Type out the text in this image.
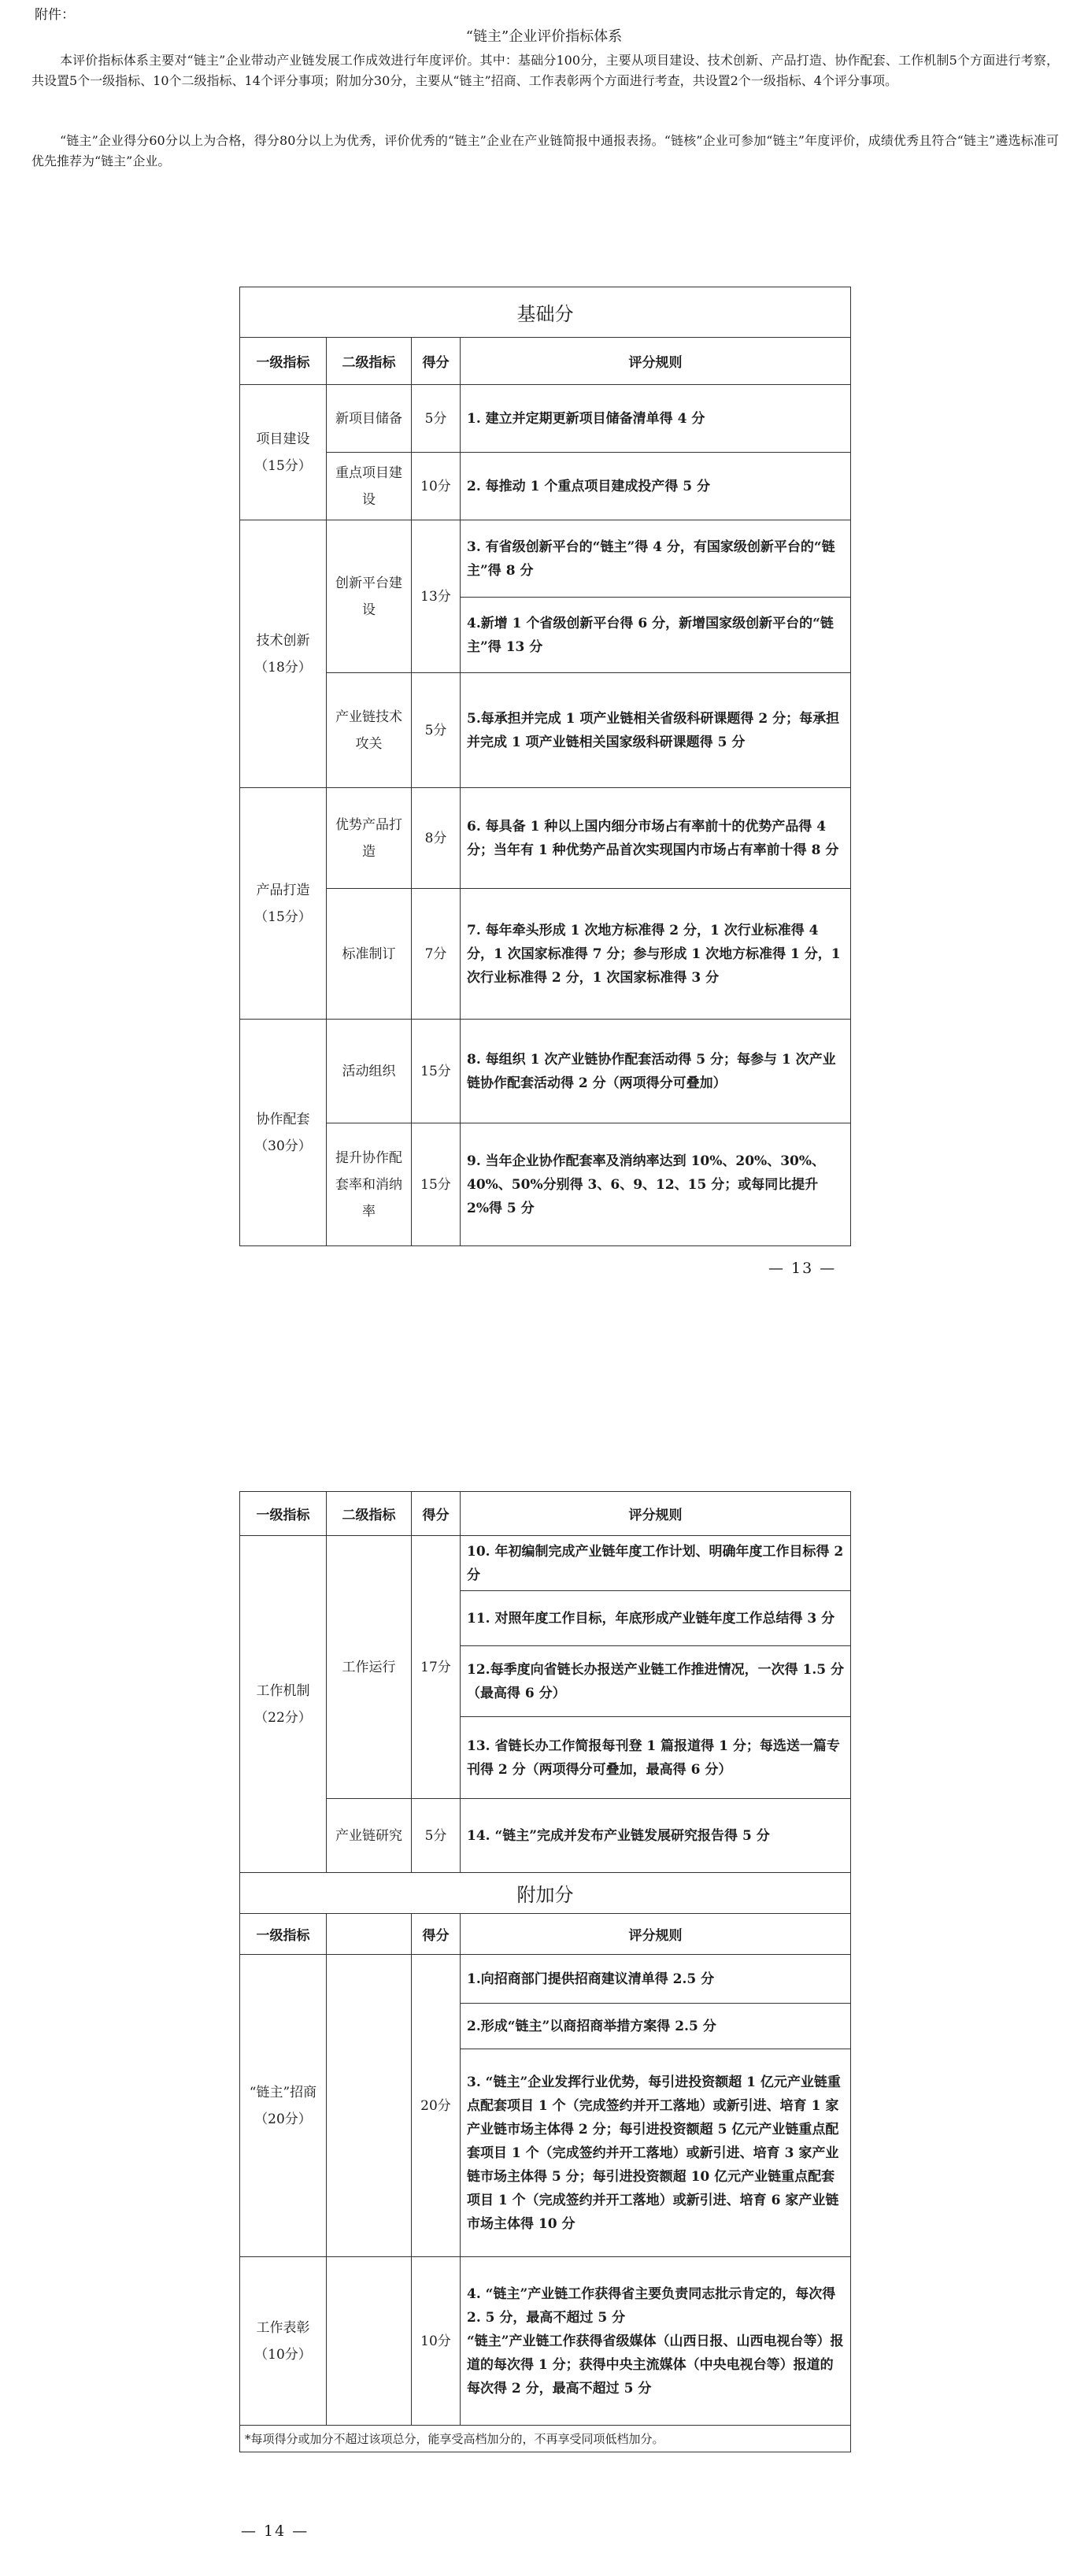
附件：
“链主”企业评价指标体系

本评价指标体系主要对“链主”企业带动产业链发展工作成效进行年度评价。其中：基础分100分，主要从项目建设、技术创新、产品打造、协作配套、工作机制5个方面进行考察，共设置5个一级指标、10个二级指标、14个评分事项；附加分30分，主要从“链主”招商、工作表彰两个方面进行考查，共设置2个一级指标、4个评分事项。

“链主”企业得分60分以上为合格，得分80分以上为优秀，评价优秀的“链主”企业在产业链简报中通报表扬。“链核”企业可参加“链主”年度评价，成绩优秀且符合“链主”遴选标准可优先推荐为“链主”企业。

基础分			
一级指标	二级指标	得分	评分规则
项目建设（15分）	新项目储备	5分	1. 建立并定期更新项目储备清单得 4 分
	重点项目建设	10分	2. 每推动 1 个重点项目建成投产得 5 分
技术创新（18分）	创新平台建设	13分	3. 有省级创新平台的“链主”得 4 分，有国家级创新平台的“链主”得 8 分
			4.新增 1 个省级创新平台得 6 分，新增国家级创新平台的“链主”得 13 分
	产业链技术攻关	5分	5.每承担并完成 1 项产业链相关省级科研课题得 2 分；每承担并完成 1 项产业链相关国家级科研课题得 5 分
产品打造（15分）	优势产品打造	8分	6. 每具备 1 种以上国内细分市场占有率前十的优势产品得 4 分；当年有 1 种优势产品首次实现国内市场占有率前十得 8 分
	标准制订	7分	7. 每年牵头形成 1 次地方标准得 2 分，1 次行业标准得 4 分，1 次国家标准得 7 分；参与形成 1 次地方标准得 1 分，1 次行业标准得 2 分，1 次国家标准得 3 分
协作配套（30分）	活动组织	15分	8. 每组织 1 次产业链协作配套活动得 5 分；每参与 1 次产业链协作配套活动得 2 分（两项得分可叠加）
	提升协作配套率和消纳率	15分	9. 当年企业协作配套率及消纳率达到 10%、20%、30%、40%、50%分别得 3、6、9、12、15 分；或每同比提升 2%得 5 分
— 13 —
一级指标	二级指标	得分	评分规则
工作机制（22分）	工作运行	17分	10. 年初编制完成产业链年度工作计划、明确年度工作目标得 2 分
			11. 对照年度工作目标，年底形成产业链年度工作总结得 3 分
			12.每季度向省链长办报送产业链工作推进情况，一次得 1.5 分（最高得 6 分）
			13. 省链长办工作简报每刊登 1 篇报道得 1 分；每选送一篇专刊得 2 分（两项得分可叠加，最高得 6 分）
	产业链研究	5分	14. “链主”完成并发布产业链发展研究报告得 5 分
附加分			
一级指标		得分	评分规则
“链主”招商（20分）		20分	1.向招商部门提供招商建议清单得 2.5 分
			2.形成“链主”以商招商举措方案得 2.5 分
			3. “链主”企业发挥行业优势，每引进投资额超 1 亿元产业链重点配套项目 1 个（完成签约并开工落地）或新引进、培育 1 家产业链市场主体得 2 分；每引进投资额超 5 亿元产业链重点配套项目 1 个（完成签约并开工落地）或新引进、培育 3 家产业链市场主体得 5 分；每引进投资额超 10 亿元产业链重点配套项目 1 个（完成签约并开工落地）或新引进、培育 6 家产业链市场主体得 10 分
工作表彰（10分）		10分	4. “链主”产业链工作获得省主要负责同志批示肯定的，每次得 2. 5 分，最高不超过 5 分
“链主”产业链工作获得省级媒体（山西日报、山西电视台等）报道的每次得 1 分；获得中央主流媒体（中央电视台等）报道的每次得 2 分，最高不超过 5 分
*每项得分或加分不超过该项总分，能享受高档加分的，不再享受同项低档加分。			
— 14 —
